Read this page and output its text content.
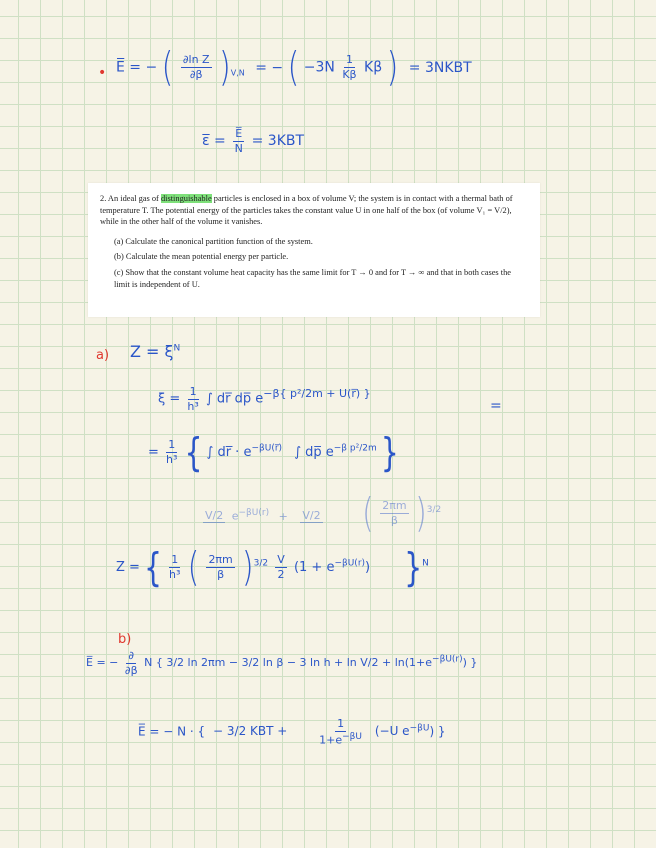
• E̅ = − ( $\frac{\text{∂ln Z}}{\partial\beta} )_{V,N}$ = − ( $-3N \frac{1}{K\beta}$ Kβ ) = 3NKBT
ε̅ = $\frac{E̅}{N} = 3KBT$

2. An ideal gas of distinguishable particles is enclosed in a box of volume V; the system is in contact with a thermal bath of temperature T. The potential energy of the particles takes the constant value U in one half of the box (of volume V₁ = V/2), while in the other half of the volume it vanishes.

(a) Calculate the canonical partition function of the system.
(b) Calculate the mean potential energy per particle.
(c) Show that the constant volume heat capacity has the same limit for T → 0 and for T → ∞ and that in both cases the limit is independent of U.
a) $Z = \xi^N$
$\xi = \frac{1}{\text{h³}}$ ∫ dr̅ dp̅ $e^{-\beta\{ p^2/2m + U(r̅) \}}$
=
= $\frac{1}{\text{h³}}$ { ∫ dr̅ · $e^{-\beta U(r̅)}$ ∫ dp̅ $e^{-\beta p^2/2m}$ }
V/2 $e^{-\beta U(r)} + V/2$ ( $\frac{2\pi m}{\beta} )^{3/2}$
Z = { $\frac{1}{\text{h³}}$ ( $\frac{2\pi m}{\beta} )^{3/2} \frac{V}{2} (1 + e^{-\beta U(r)})$ }$^N$
b)
E̅ = − $\frac{\partial}{\partial\beta}$ N { 3/2 ln 2πm − 3/2 ln β − 3 $\ln h + \ln V/2 + \ln(1+e^{-\beta U(r)})$ }
E̅ = − N · { − 3/2 KBT +	$\frac{1}{1+e^{-\beta U}} (-U$ $e^{-\beta U}$) }
